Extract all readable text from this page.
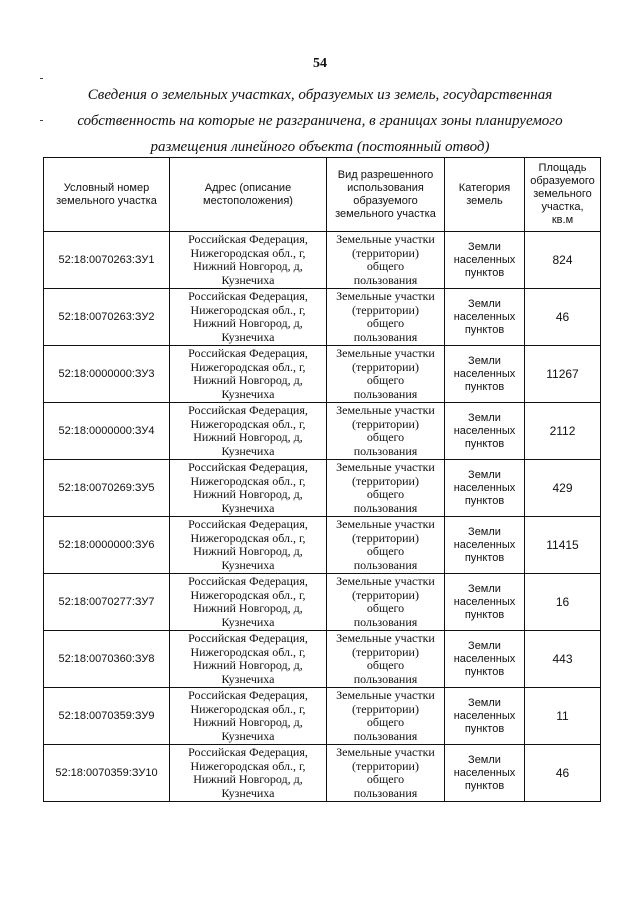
54
Сведения о земельных участках, образуемых из земель, государственная
собственность на которые не разграничена, в границах зоны планируемого
размещения линейного объекта (постоянный отвод)
Условный номер
земельного участка	Адрес (описание
местоположения)	Вид разрешенного
использования
образуемого
земельного участка	Категория
земель	Площадь
образуемого
земельного
участка,
кв.м
52:18:0070263:ЗУ1	Российская Федерация,
Нижегородская обл., г,
Нижний Новгород, д,
Кузнечиха	Земельные участки
(территории)
общего
пользования	Земли
населенных
пунктов	824
52:18:0070263:ЗУ2	Российская Федерация,
Нижегородская обл., г,
Нижний Новгород, д,
Кузнечиха	Земельные участки
(территории)
общего
пользования	Земли
населенных
пунктов	46
52:18:0000000:ЗУ3	Российская Федерация,
Нижегородская обл., г,
Нижний Новгород, д,
Кузнечиха	Земельные участки
(территории)
общего
пользования	Земли
населенных
пунктов	11267
52:18:0000000:ЗУ4	Российская Федерация,
Нижегородская обл., г,
Нижний Новгород, д,
Кузнечиха	Земельные участки
(территории)
общего
пользования	Земли
населенных
пунктов	2112
52:18:0070269:ЗУ5	Российская Федерация,
Нижегородская обл., г,
Нижний Новгород, д,
Кузнечиха	Земельные участки
(территории)
общего
пользования	Земли
населенных
пунктов	429
52:18:0000000:ЗУ6	Российская Федерация,
Нижегородская обл., г,
Нижний Новгород, д,
Кузнечиха	Земельные участки
(территории)
общего
пользования	Земли
населенных
пунктов	11415
52:18:0070277:ЗУ7	Российская Федерация,
Нижегородская обл., г,
Нижний Новгород, д,
Кузнечиха	Земельные участки
(территории)
общего
пользования	Земли
населенных
пунктов	16
52:18:0070360:ЗУ8	Российская Федерация,
Нижегородская обл., г,
Нижний Новгород, д,
Кузнечиха	Земельные участки
(территории)
общего
пользования	Земли
населенных
пунктов	443
52:18:0070359:ЗУ9	Российская Федерация,
Нижегородская обл., г,
Нижний Новгород, д,
Кузнечиха	Земельные участки
(территории)
общего
пользования	Земли
населенных
пунктов	11
52:18:0070359:ЗУ10	Российская Федерация,
Нижегородская обл., г,
Нижний Новгород, д,
Кузнечиха	Земельные участки
(территории)
общего
пользования	Земли
населенных
пунктов	46
